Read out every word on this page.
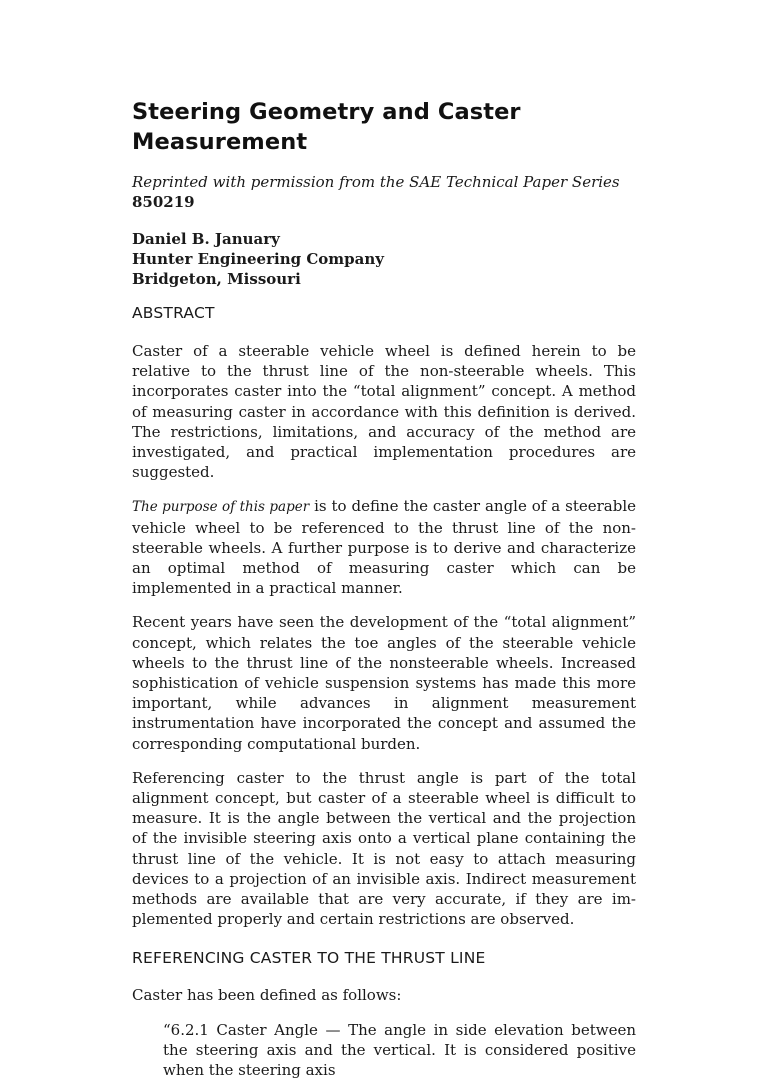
Steering Geometry and Caster Measurement
Reprinted with permission from the SAE Technical Paper Series 850219
Daniel B. January
Hunter Engineering Company
Bridgeton, Missouri
ABSTRACT

Caster of a steerable vehicle wheel is defined herein to be relative to the thrust line of the non-steerable wheels. This incorporates caster into the “total alignment” concept. A method of measuring caster in accordance with this definition is derived. The restrictions, limitations, and accuracy of the method are investigated, and practical implementation procedures are suggested.

The purpose of this paper is to define the caster angle of a steerable vehicle wheel to be referenced to the thrust line of the non-steerable wheels. A further purpose is to derive and characterize an optimal method of measuring caster which can be implemented in a practical manner.

Recent years have seen the development of the “total alignment” concept, which relates the toe angles of the steerable vehicle wheels to the thrust line of the nonsteerable wheels. Increased sophistication of vehicle suspension systems has made this more important, while advances in alignment measurement instrumentation have incorporated the concept and assumed the corresponding computational burden.

Referencing caster to the thrust angle is part of the total alignment concept, but caster of a steerable wheel is difficult to measure. It is the angle between the vertical and the projection of the invisible steering axis onto a vertical plane containing the thrust line of the vehicle. It is not easy to attach measuring devices to a projection of an invisible axis. Indirect measurement methods are available that are very accurate, if they are implemented properly and certain restrictions are observed.

REFERENCING CASTER TO THE THRUST LINE

Caster has been defined as follows:

“6.2.1 Caster Angle — The angle in side elevation between the steering axis and the vertical. It is considered positive when the steering axis
